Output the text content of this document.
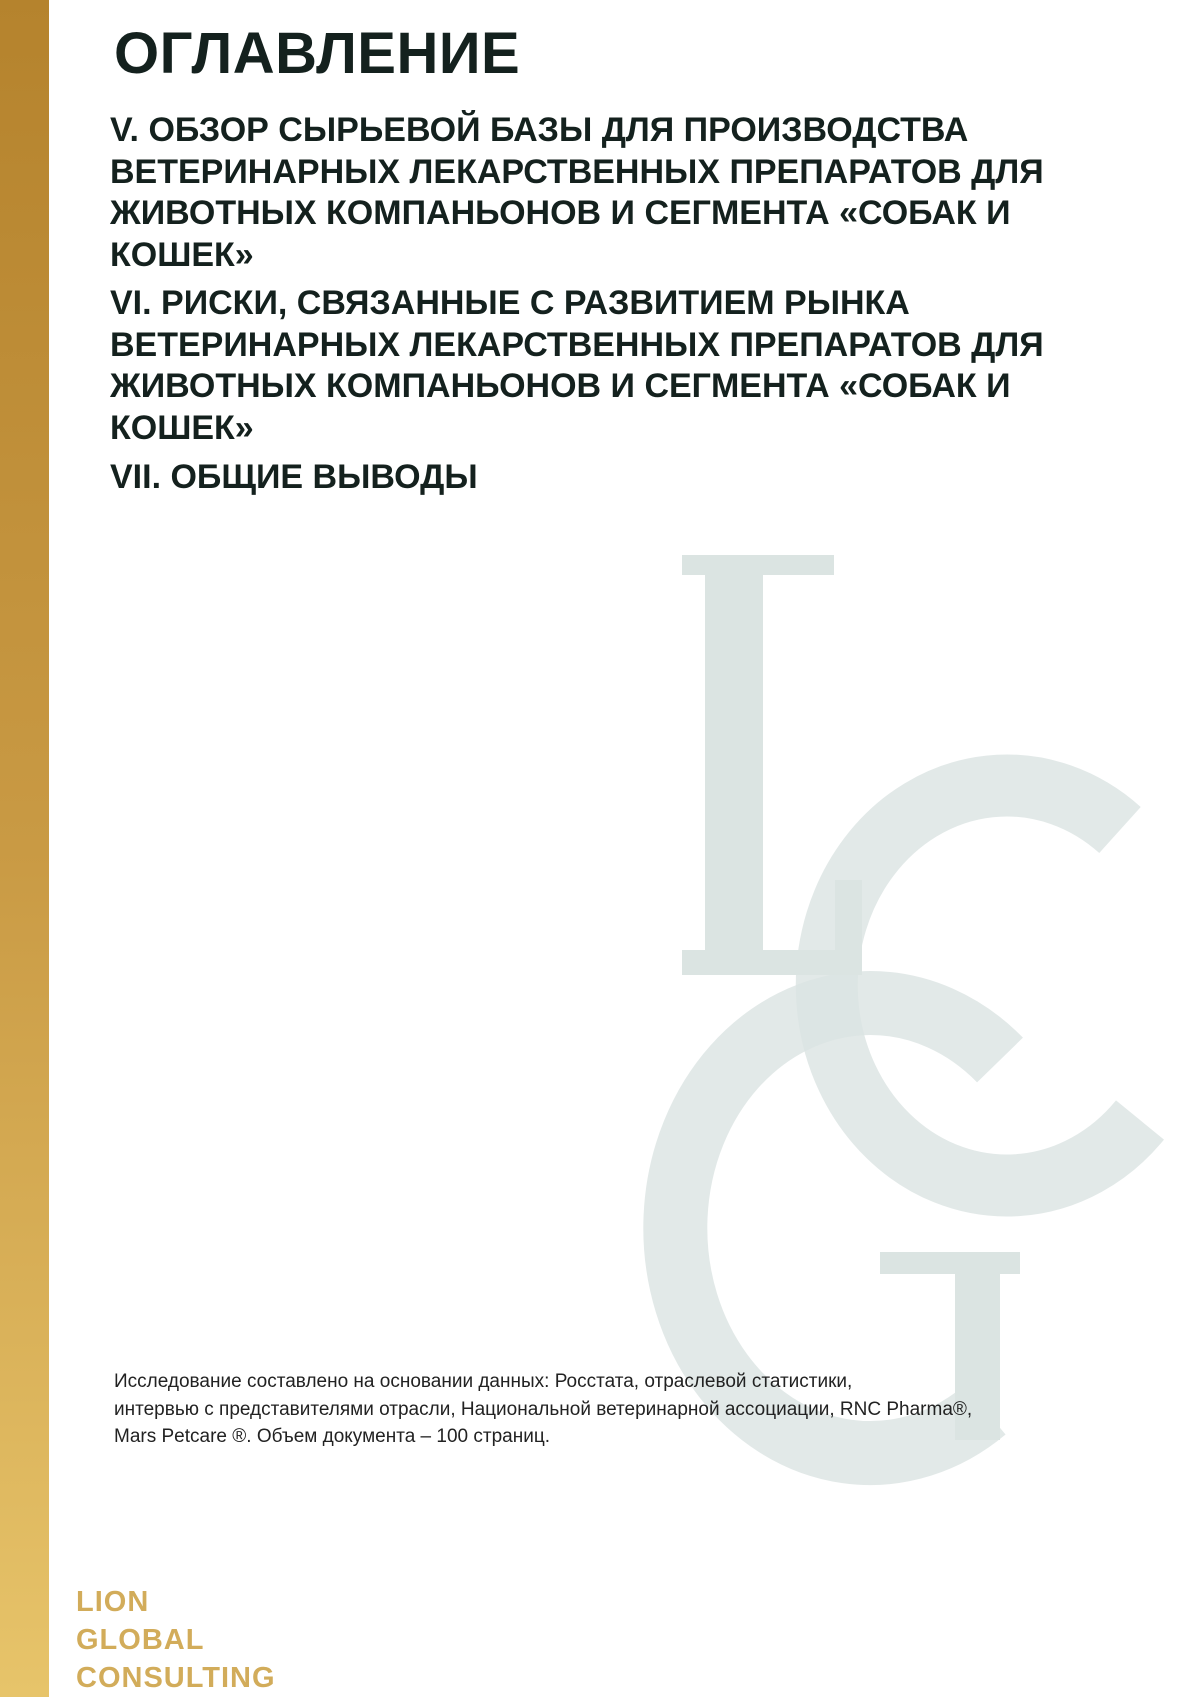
ОГЛАВЛЕНИЕ
V. ОБЗОР СЫРЬЕВОЙ БАЗЫ ДЛЯ ПРОИЗВОДСТВА ВЕТЕРИНАРНЫХ ЛЕКАРСТВЕННЫХ ПРЕПАРАТОВ ДЛЯ ЖИВОТНЫХ КОМПАНЬОНОВ И СЕГМЕНТА «СОБАК И КОШЕК»
VI. РИСКИ, СВЯЗАННЫЕ С РАЗВИТИЕМ РЫНКА ВЕТЕРИНАРНЫХ ЛЕКАРСТВЕННЫХ ПРЕПАРАТОВ ДЛЯ ЖИВОТНЫХ КОМПАНЬОНОВ И СЕГМЕНТА «СОБАК И КОШЕК»
VII. ОБЩИЕ ВЫВОДЫ
Исследование составлено на основании данных: Росстата, отраслевой статистики,
интервью с представителями отрасли, Национальной ветеринарной ассоциации, RNC Pharma®,
Mars Petcare ®. Объем документа – 100 страниц.
LION
GLOBAL
CONSULTING
